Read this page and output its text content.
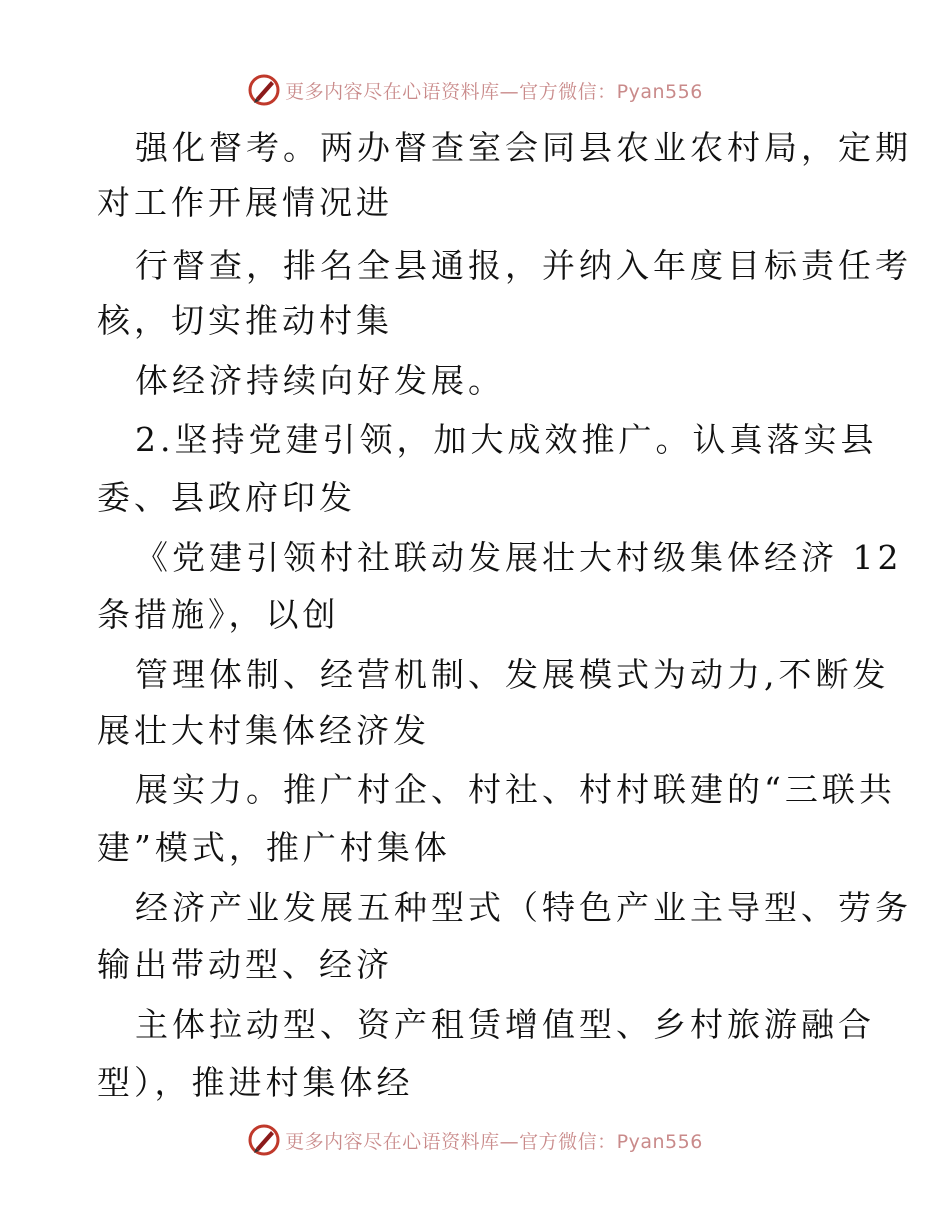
更多内容尽在心语资料库—官方微信：Pyan556
强化督考。两办督查室会同县农业农村局，定期
对工作开展情况进
行督查，排名全县通报，并纳入年度目标责任考
核，切实推动村集
体经济持续向好发展。
2.坚持党建引领，加大成效推广。认真落实县
委、县政府印发
《党建引领村社联动发展壮大村级集体经济 12
条措施》，以创
管理体制、经营机制、发展模式为动力,不断发
展壮大村集体经济发
展实力。推广村企、村社、村村联建的“三联共
建”模式，推广村集体
经济产业发展五种型式（特色产业主导型、劳务
输出带动型、经济
主体拉动型、资产租赁增值型、乡村旅游融合
型），推进村集体经
更多内容尽在心语资料库—官方微信：Pyan556
